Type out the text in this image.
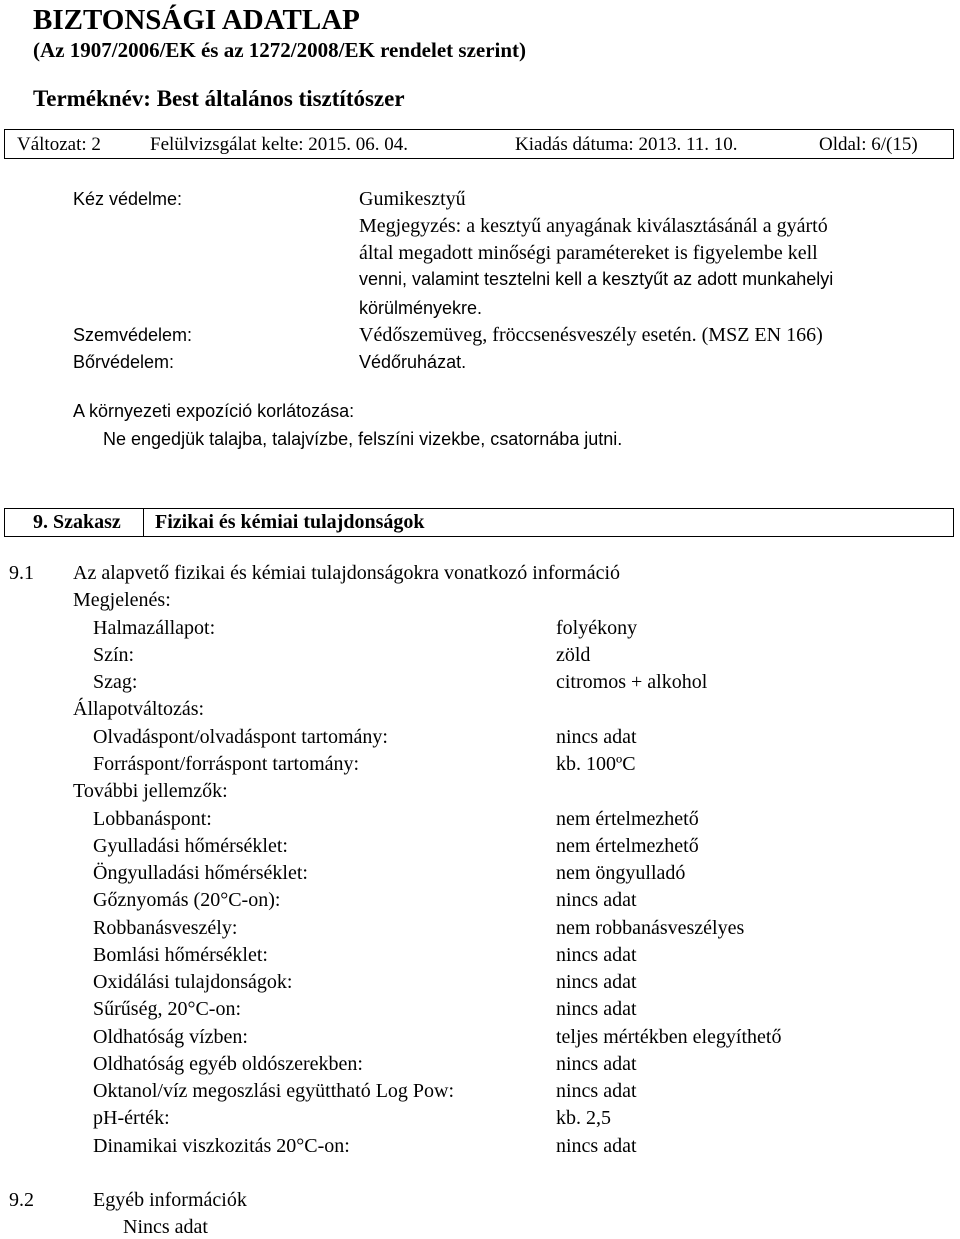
BIZTONSÁGI ADATLAP
(Az 1907/2006/EK és az 1272/2008/EK rendelet szerint)
Terméknév: Best általános tisztítószer
Változat: 2	Felülvizsgálat kelte: 2015. 06. 04.	Kiadás dátuma: 2013. 11. 10.	Oldal: 6/(15)
Kéz védelme:	Gumikesztyű
Megjegyzés: a kesztyű anyagának kiválasztásánál a gyártó
által megadott minőségi paramétereket is figyelembe kell
venni, valamint tesztelni kell a kesztyűt az adott munkahelyi
körülményekre.
Szemvédelem:	Védőszemüveg, fröccsenésveszély esetén. (MSZ EN 166)
Bőrvédelem:	Védőruházat.
A környezeti expozíció korlátozása:
Ne engedjük talajba, talajvízbe, felszíni vizekbe, csatornába jutni.
9. Szakasz Fizikai és kémiai tulajdonságok
9.1 Az alapvető fizikai és kémiai tulajdonságokra vonatkozó információ
Megjelenés:
Halmazállapot:	folyékony
Szín:	zöld
Szag:	citromos + alkohol
Állapotváltozás:
Olvadáspont/olvadáspont tartomány:	nincs adat
Forráspont/forráspont tartomány:	kb. 100ºC
További jellemzők:
Lobbanáspont:	nem értelmezhető
Gyulladási hőmérséklet:	nem értelmezhető
Öngyulladási hőmérséklet:	nem öngyulladó
Gőznyomás (20°C-on):	nincs adat
Robbanásveszély:	nem robbanásveszélyes
Bomlási hőmérséklet:	nincs adat
Oxidálási tulajdonságok:	nincs adat
Sűrűség, 20°C-on:	nincs adat
Oldhatóság vízben:	teljes mértékben elegyíthető
Oldhatóság egyéb oldószerekben:	nincs adat
Oktanol/víz megoszlási együttható Log Pow:	nincs adat
pH-érték:	kb. 2,5
Dinamikai viszkozitás 20°C-on:	nincs adat
9.2	Egyéb információk
Nincs adat
